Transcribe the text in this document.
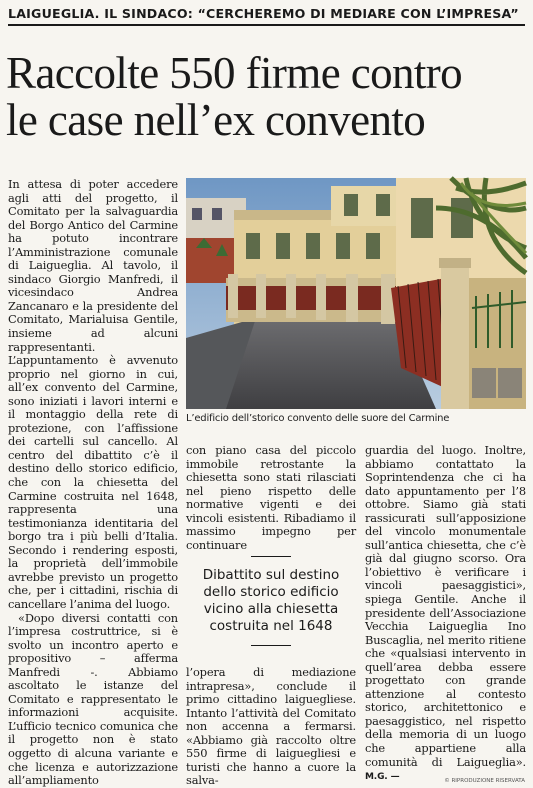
LAIGUEGLIA. IL SINDACO: “CERCHEREMO DI MEDIARE CON L’IMPRESA”
Raccolte 550 firme contro
le case nell’ex convento

In attesa di poter accedere agli atti del progetto, il Comitato per la salvaguardia del Borgo Antico del Carmine ha potuto incontrare l’Amministrazione comunale di Laigueglia. Al tavolo, il sindaco Giorgio Manfredi, il vicesindaco Andrea Zancanaro e la presidente del Comitato, Marialuisa Gentile, insieme ad alcuni rappresentanti. L’appuntamento è avvenuto proprio nel giorno in cui, all’ex convento del Carmine, sono iniziati i lavori interni e il montaggio della rete di protezione, con l’affissione dei cartelli sul cancello. Al centro del dibattito c’è il destino dello storico edificio, che con la chiesetta del Carmine costruita nel 1648, rappresenta una testimonianza identitaria del borgo tra i più belli d’Italia. Secondo i rendering esposti, la proprietà dell’immobile avrebbe previsto un progetto che, per i cittadini, rischia di cancellare l’anima del luogo.

«Dopo diversi contatti con l’impresa costruttrice, si è svolto un incontro aperto e propositivo – afferma Manfredi -. Abbiamo ascoltato le istanze del Comitato e rappresentato le informazioni acquisite. L’ufficio tecnico comunica che il progetto non è stato oggetto di alcuna variante e che licenza e autorizzazione all’ampliamento

L’edificio dell’storico convento delle suore del Carmine

con piano casa del piccolo immobile retrostante la chiesetta sono stati rilasciati nel pieno rispetto delle normative vigenti e dei vincoli esistenti. Ribadiamo il massimo impegno per continuare

Dibattito sul destino dello storico edificio vicino alla chiesetta costruita nel 1648

l’opera di mediazione intrapresa», conclude il primo cittadino laiguegliese. Intanto l’attività del Comitato non accenna a fermarsi. «Abbiamo già raccolto oltre 550 firme di laiguegliesi e turisti che hanno a cuore la salva-

guardia del luogo. Inoltre, abbiamo contattato la Soprintendenza che ci ha dato appuntamento per l’8 ottobre. Siamo già stati rassicurati sull’apposizione del vincolo monumentale sull’antica chiesetta, che c’è già dal giugno scorso. Ora l’obiettivo è verificare i vincoli paesaggistici», spiega Gentile. Anche il presidente dell’Associazione Vecchia Laigueglia Ino Buscaglia, nel merito ritiene che «qualsiasi intervento in quell’area debba essere progettato con grande attenzione al contesto storico, architettonico e paesaggistico, nel rispetto della memoria di un luogo che appartiene alla comunità di Laigueglia». M.G. —	© RIPRODUZIONE RISERVATA
